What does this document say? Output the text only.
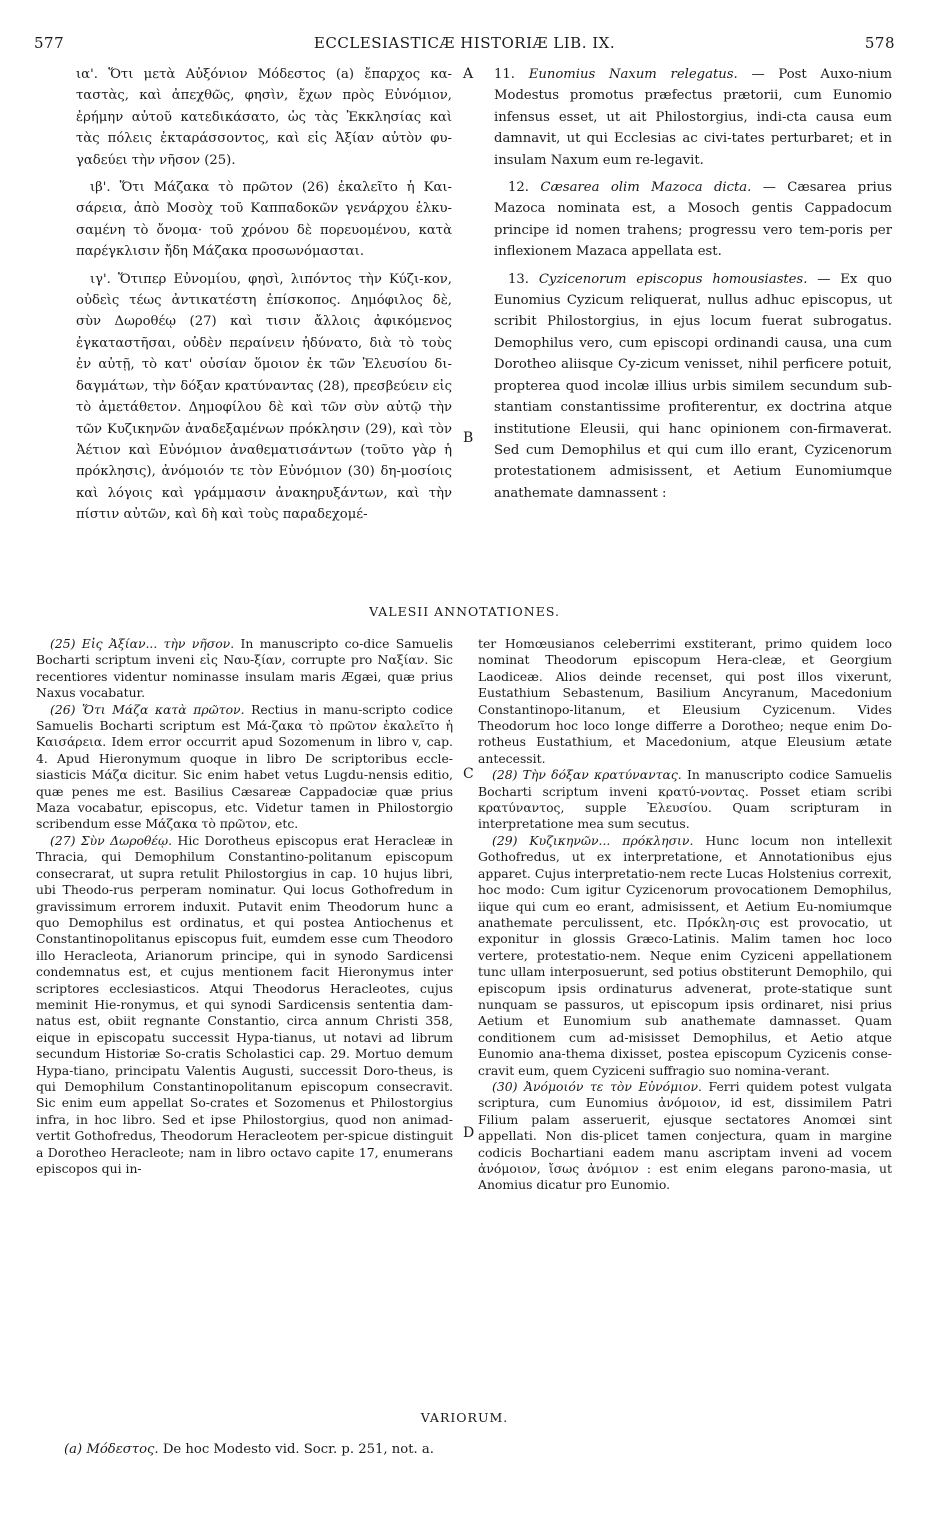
577	ECCLESIASTICÆ HISTORIÆ LIB. IX.	578

ια'. Ὅτι μετὰ Αὐξόνιον Μόδεστος (a) ἔπαρχος κα-ταστὰς, καὶ ἀπεχθῶς, φησὶν, ἔχων πρὸς Εὐνόμιον, ἐρήμην αὐτοῦ κατεδικάσατο, ὡς τὰς Ἐκκλησίας καὶ τὰς πόλεις ἐκταράσσοντος, καὶ εἰς Ἀξίαν αὐτὸν φυ-γαδεύει τὴν νῆσον (25).

ιβ'. Ὅτι Μάζακα τὸ πρῶτον (26) ἐκαλεῖτο ἡ Και-σάρεια, ἀπὸ Μοσὸχ τοῦ Καππαδοκῶν γενάρχου ἑλκυ-σαμένη τὸ ὄνομα· τοῦ χρόνου δὲ πορευομένου, κατὰ παρέγκλισιν ἤδη Μάζακα προσωνόμασται.

ιγ'. Ὅτιπερ Εὐνομίου, φησὶ, λιπόντος τὴν Κύζι-κον, οὐδεὶς τέως ἀντικατέστη ἐπίσκοπος. Δημόφιλος δὲ, σὺν Δωροθέῳ (27) καὶ τισιν ἄλλοις ἀφικόμενος ἐγκαταστῆσαι, οὐδὲν περαίνειν ἠδύνατο, διὰ τὸ τοὺς ἐν αὐτῇ, τὸ κατ' οὐσίαν ὅμοιον ἐκ τῶν Ἐλευσίου δι-δαγμάτων, τὴν δόξαν κρατύναντας (28), πρεσβεύειν εἰς τὸ ἀμετάθετον. Δημοφίλου δὲ καὶ τῶν σὺν αὐτῷ τὴν τῶν Κυζικηνῶν ἀναδεξαμένων πρόκλησιν (29), καὶ τὸν Ἀέτιον καὶ Εὐνόμιον ἀναθεματισάντων (τοῦτο γὰρ ἡ πρόκλησις), ἀνόμοιόν τε τὸν Εὐνόμιον (30) δη-μοσίοις καὶ λόγοις καὶ γράμμασιν ἀνακηρυξάντων, καὶ τὴν πίστιν αὐτῶν, καὶ δὴ καὶ τοὺς παραδεχομέ-

A
B
C
D

11. Eunomius Naxum relegatus. — Post Auxo-nium Modestus promotus præfectus prætorii, cum Eunomio infensus esset, ut ait Philostorgius, indi-cta causa eum damnavit, ut qui Ecclesias ac civi-tates perturbaret; et in insulam Naxum eum re-legavit.

12. Cæsarea olim Mazoca dicta. — Cæsarea prius Mazoca nominata est, a Mosoch gentis Cappadocum principe id nomen trahens; progressu vero tem-poris per inflexionem Mazaca appellata est.

13. Cyzicenorum episcopus homousiastes. — Ex quo Eunomius Cyzicum reliquerat, nullus adhuc episcopus, ut scribit Philostorgius, in ejus locum fuerat subrogatus. Demophilus vero, cum episcopi ordinandi causa, una cum Dorotheo aliisque Cy-zicum venisset, nihil perficere potuit, propterea quod incolæ illius urbis similem secundum sub-stantiam constantissime profiterentur, ex doctrina atque institutione Eleusii, qui hanc opinionem con-firmaverat. Sed cum Demophilus et qui cum illo erant, Cyzicenorum protestationem admisissent, et Aetium Eunomiumque anathemate damnassent :

VALESII ANNOTATIONES.

(25) Εἰς Ἀξίαν... τὴν νῆσον. In manuscripto co-dice Samuelis Bocharti scriptum inveni εἰς Ναυ-ξίαν, corrupte pro Ναξίαν. Sic recentiores videntur nominasse insulam maris Ægæi, quæ prius Naxus vocabatur.

(26) Ὅτι Μάζα κατὰ πρῶτον. Rectius in manu-scripto codice Samuelis Bocharti scriptum est Μά-ζακα τὸ πρῶτον ἐκαλεῖτο ἡ Καισάρεια. Idem error occurrit apud Sozomenum in libro v, cap. 4. Apud Hieronymum quoque in libro De scriptoribus eccle-siasticis Μάζα dicitur. Sic enim habet vetus Lugdu-nensis editio, quæ penes me est. Basilius Cæsareæ Cappadociæ quæ prius Maza vocabatur, episcopus, etc. Videtur tamen in Philostorgio scribendum esse Μάζακα τὸ πρῶτον, etc.

(27) Σὺν Δωροθέῳ. Hic Dorotheus episcopus erat Heracleæ in Thracia, qui Demophilum Constantino-politanum episcopum consecrarat, ut supra retulit Philostorgius in cap. 10 hujus libri, ubi Theodo-rus perperam nominatur. Qui locus Gothofredum in gravissimum errorem induxit. Putavit enim Theodorum hunc a quo Demophilus est ordinatus, et qui postea Antiochenus et Constantinopolitanus episcopus fuit, eumdem esse cum Theodoro illo Heracleota, Arianorum principe, qui in synodo Sardicensi condemnatus est, et cujus mentionem facit Hieronymus inter scriptores ecclesiasticos. Atqui Theodorus Heracleotes, cujus meminit Hie-ronymus, et qui synodi Sardicensis sententia dam-natus est, obiit regnante Constantio, circa annum Christi 358, eique in episcopatu successit Hypa-tianus, ut notavi ad librum secundum Historiæ So-cratis Scholastici cap. 29. Mortuo demum Hypa-tiano, principatu Valentis Augusti, successit Doro-theus, is qui Demophilum Constantinopolitanum episcopum consecravit. Sic enim eum appellat So-crates et Sozomenus et Philostorgius infra, in hoc libro. Sed et ipse Philostorgius, quod non animad-vertit Gothofredus, Theodorum Heracleotem per-spicue distinguit a Dorotheo Heracleote; nam in libro octavo capite 17, enumerans episcopos qui in-

ter Homœusianos celeberrimi exstiterant, primo quidem loco nominat Theodorum episcopum Hera-cleæ, et Georgium Laodiceæ. Alios deinde recenset, qui post illos vixerunt, Eustathium Sebastenum, Basilium Ancyranum, Macedonium Constantinopo-litanum, et Eleusium Cyzicenum. Vides Theodorum hoc loco longe differre a Dorotheo; neque enim Do-rotheus Eustathium, et Macedonium, atque Eleusium ætate antecessit.

(28) Τὴν δόξαν κρατύναντας. In manuscripto codice Samuelis Bocharti scriptum inveni κρατύ-νοντας. Posset etiam scribi κρατύναντος, supple Ἐλευσίου. Quam scripturam in interpretatione mea sum secutus.

(29) Κυζικηνῶν... πρόκλησιν. Hunc locum non intellexit Gothofredus, ut ex interpretatione, et Annotationibus ejus apparet. Cujus interpretatio-nem recte Lucas Holstenius correxit, hoc modo: Cum igitur Cyzicenorum provocationem Demophilus, iique qui cum eo erant, admisissent, et Aetium Eu-nomiumque anathemate perculissent, etc. Πρόκλη-σις est provocatio, ut exponitur in glossis Græco-Latinis. Malim tamen hoc loco vertere, protestatio-nem. Neque enim Cyziceni appellationem tunc ullam interposuerunt, sed potius obstiterunt Demophilo, qui episcopum ipsis ordinaturus advenerat, prote-statique sunt nunquam se passuros, ut episcopum ipsis ordinaret, nisi prius Aetium et Eunomium sub anathemate damnasset. Quam conditionem cum ad-misisset Demophilus, et Aetio atque Eunomio ana-thema dixisset, postea episcopum Cyzicenis conse-cravit eum, quem Cyziceni suffragio suo nomina-verant.

(30) Ἀνόμοιόν τε τὸν Εὐνόμιον. Ferri quidem potest vulgata scriptura, cum Eunomius ἀνόμοιον, id est, dissimilem Patri Filium palam asseruerit, ejusque sectatores Anomœi sint appellati. Non dis-plicet tamen conjectura, quam in margine codicis Bochartiani eadem manu ascriptam inveni ad vocem ἀνόμοιον, ἴσως ἀνόμιον : est enim elegans parono-masia, ut Anomius dicatur pro Eunomio.

VARIORUM.
(a) Μόδεστος. De hoc Modesto vid. Socr. p. 251, not. a.
